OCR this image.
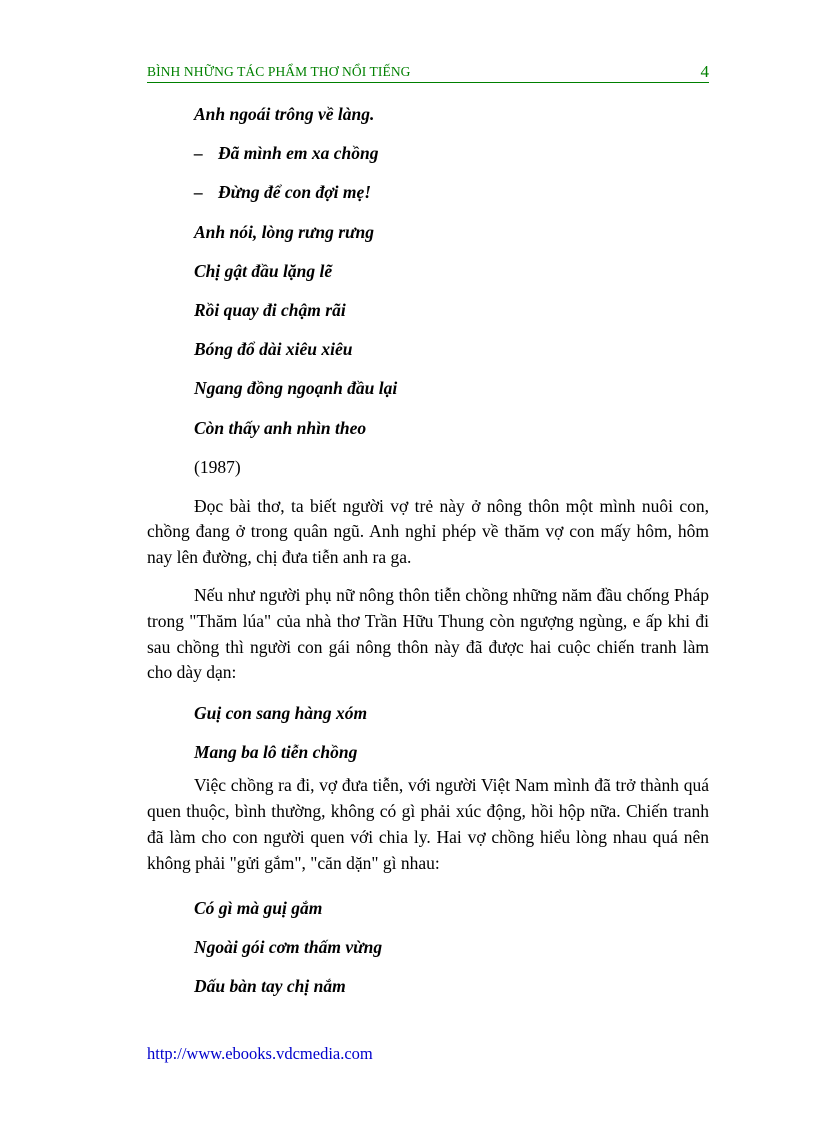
BÌNH NHỮNG TÁC PHẨM THƠ NỔI TIẾNG	4

Anh ngoái trông về làng.

– Đã mình em xa chồng

– Đừng để con đợi mẹ!

Anh nói, lòng rưng rưng

Chị gật đầu lặng lẽ

Rồi quay đi chậm rãi

Bóng đổ dài xiêu xiêu

Ngang đồng ngoạnh đầu lại

Còn thấy anh nhìn theo

(1987)

Đọc bài thơ, ta biết người vợ trẻ này ở nông thôn một mình nuôi con, chồng đang ở trong quân ngũ. Anh nghỉ phép về thăm vợ con mấy hôm, hôm nay lên đường, chị đưa tiễn anh ra ga.

Nếu như người phụ nữ nông thôn tiễn chồng những năm đầu chống Pháp trong "Thăm lúa" của nhà thơ Trần Hữu Thung còn ngượng ngùng, e ấp khi đi sau chồng thì người con gái nông thôn này đã được hai cuộc chiến tranh làm cho dày dạn:

Guị con sang hàng xóm

Mang ba lô tiễn chồng

Việc chồng ra đi, vợ đưa tiễn, với người Việt Nam mình đã trở thành quá quen thuộc, bình thường, không có gì phải xúc động, hồi hộp nữa. Chiến tranh đã làm cho con người quen với chia ly. Hai vợ chồng hiểu lòng nhau quá nên không phải "gửi gắm", "căn dặn" gì nhau:

Có gì mà guị gắm

Ngoài gói cơm thấm vừng

Dấu bàn tay chị nắm

http://www.ebooks.vdcmedia.com
